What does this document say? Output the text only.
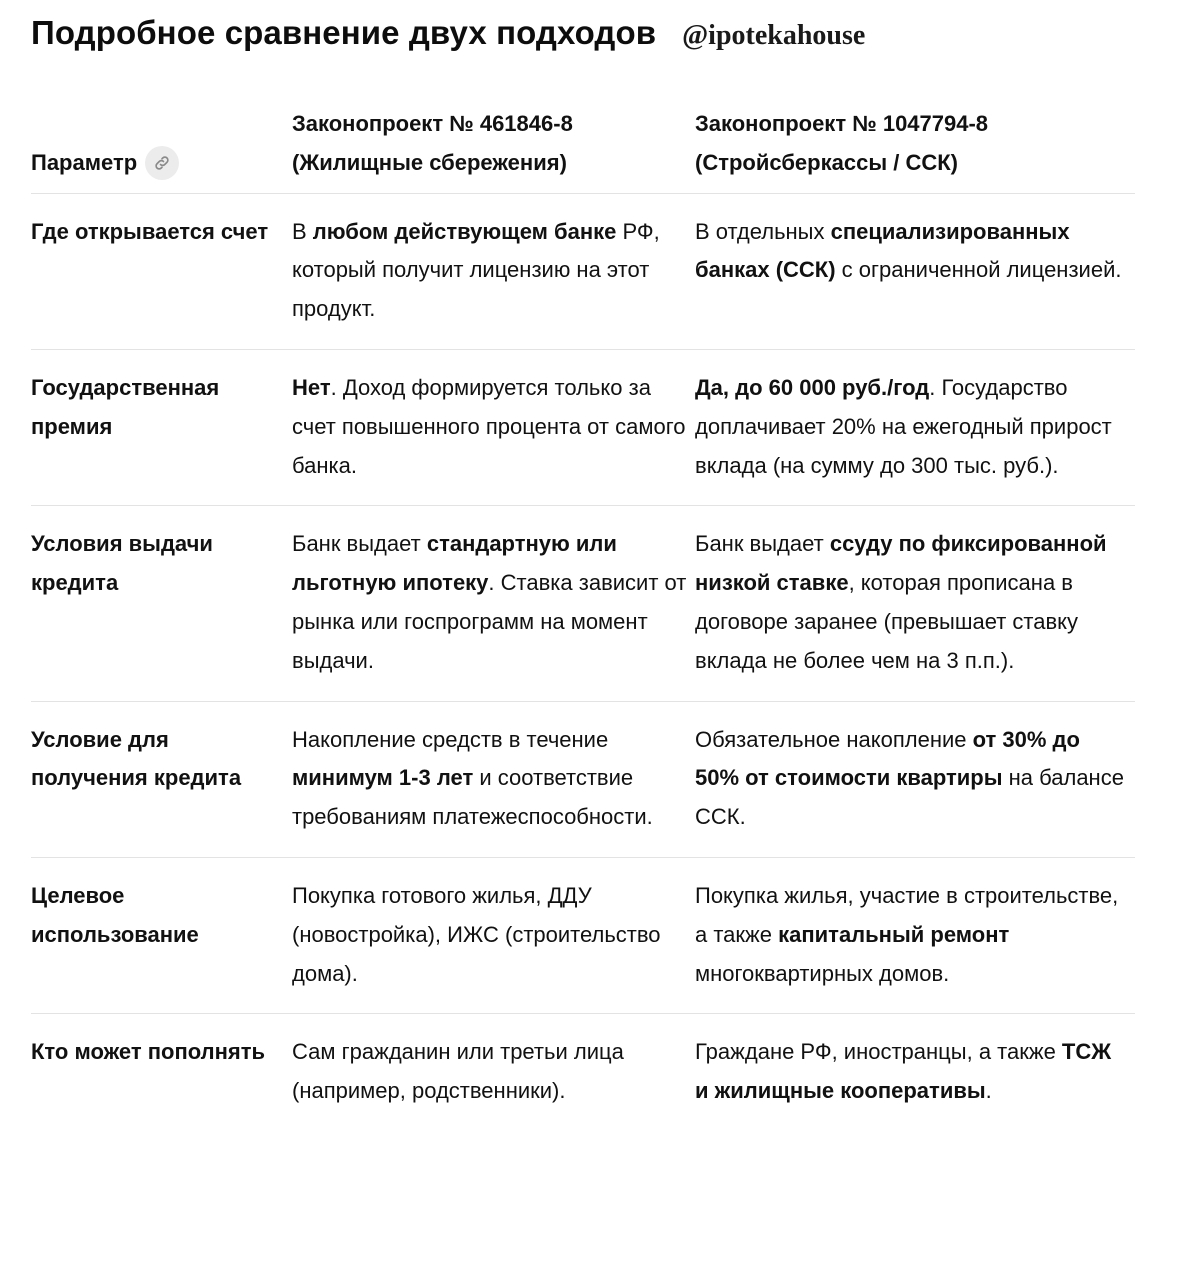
Подробное сравнение двух подходов @ipotekahouse
Параметр	Законопроект № 461846-8 (Жилищные сбережения)	Законопроект № 1047794-8 (Стройсберкассы / ССК)
Где открывается счет	В любом действующем банке РФ, который получит лицензию на этот продукт.	В отдельных специализированных банках (ССК) с ограниченной лицензией.
Государственная премия	Нет. Доход формируется только за счет повышенного процента от самого банка.	Да, до 60 000 руб./год. Государство доплачивает 20% на ежегодный прирост вклада (на сумму до 300 тыс. руб.).
Условия выдачи кредита	Банк выдает стандартную или льготную ипотеку. Ставка зависит от рынка или госпрограмм на момент выдачи.	Банк выдает ссуду по фиксированной низкой ставке, которая прописана в договоре заранее (превышает ставку вклада не более чем на 3 п.п.).
Условие для получения кредита	Накопление средств в течение минимум 1-3 лет и соответствие требованиям платежеспособности.	Обязательное накопление от 30% до 50% от стоимости квартиры на балансе ССК.
Целевое использование	Покупка готового жилья, ДДУ (новостройка), ИЖС (строительство дома).	Покупка жилья, участие в строительстве, а также капитальный ремонт многоквартирных домов.
Кто может пополнять	Сам гражданин или третьи лица (например, родственники).	Граждане РФ, иностранцы, а также ТСЖ и жилищные кооперативы.
